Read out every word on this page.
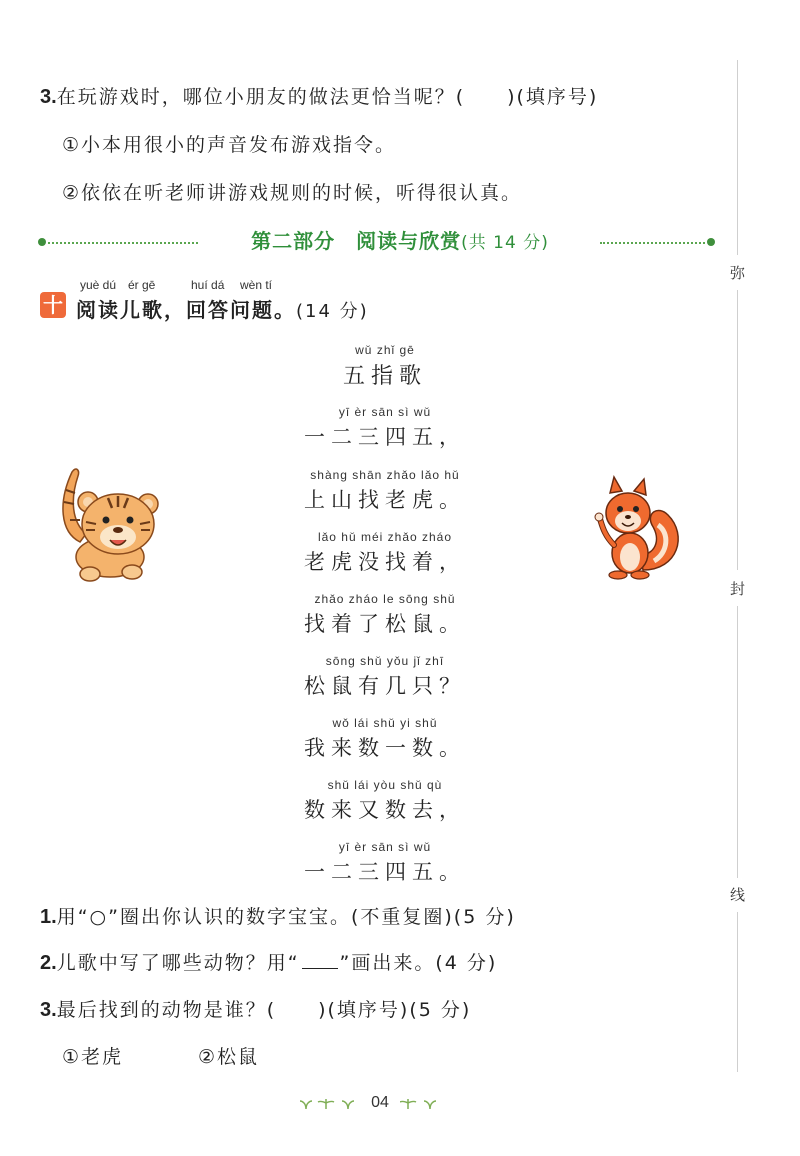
3.在玩游戏时，哪位小朋友的做法更恰当呢？(　　)(填序号)
①小本用很小的声音发布游戏指令。
②依依在听老师讲游戏规则的时候，听得很认真。
第二部分　阅读与欣赏(共 14 分)
弥
封
线
十
yuè dú ér gē	huí dá wèn tí
阅读儿歌，回答问题。(14 分)
wǔ zhǐ gē
五指歌
yī èr sān sì wǔ
一二三四五，
shàng shān zhǎo lǎo hǔ
上山找老虎。
lǎo hǔ méi zhǎo zháo
老虎没找着，
zhǎo zháo le sōng shǔ
找着了松鼠。
sōng shǔ yǒu jǐ zhī
松鼠有几只？
wǒ lái shǔ yi shǔ
我来数一数。
shǔ lái yòu shǔ qù
数来又数去，
yī èr sān sì wǔ
一二三四五。
1.用“○”圈出你认识的数字宝宝。(不重复圈)(5 分)
2.儿歌中写了哪些动物？用“ ”画出来。(4 分)
3.最后找到的动物是谁？(　　)(填序号)(5 分)
①老虎	②松鼠
04
